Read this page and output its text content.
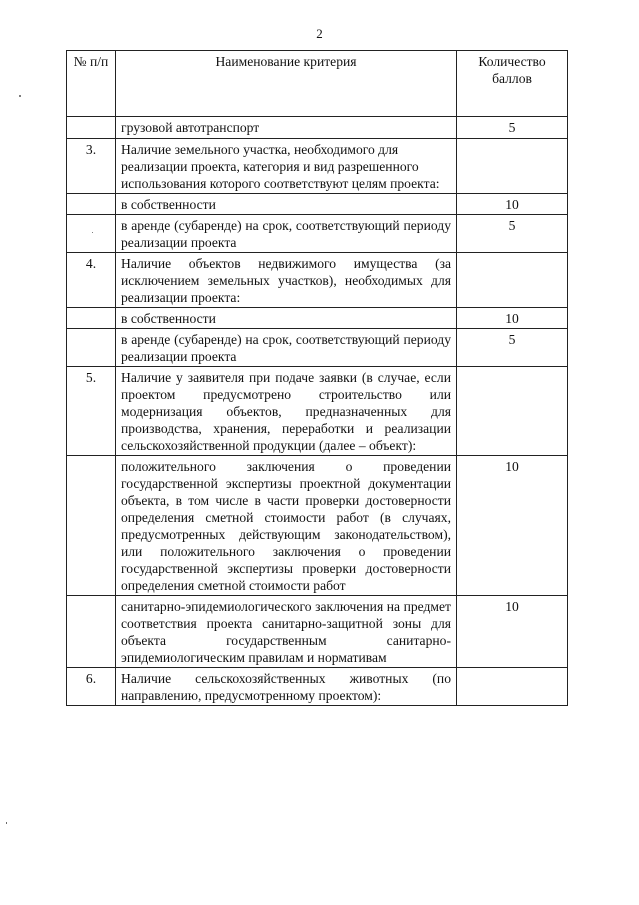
2
№ п/п	Наименование критерия	Количество баллов
	грузовой автотранспорт	5
3.	Наличие земельного участка, необходимого для реализации проекта, категория и вид разрешенного использования которого соответствуют целям проекта:	
	в собственности	10
	в аренде (субаренде) на срок, соответствующий периоду реализации проекта	5
4.	Наличие объектов недвижимого имущества (за исключением земельных участков), необходимых для реализации проекта:	
	в собственности	10
	в аренде (субаренде) на срок, соответствующий периоду реализации проекта	5
5.	Наличие у заявителя при подаче заявки (в случае, если проектом предусмотрено строительство или модернизация объектов, предназначенных для производства, хранения, переработки и реализации сельскохозяйственной продукции (далее – объект):	
	положительного заключения о проведении государственной экспертизы проектной документации объекта, в том числе в части проверки достоверности определения сметной стоимости работ (в случаях, предусмотренных действующим законодательством), или положительного заключения о проведении государственной экспертизы проверки достоверности определения сметной стоимости работ	10
	санитарно-эпидемиологического заключения на предмет соответствия проекта санитарно-защитной зоны для объекта государственным санитарно-эпидемиологическим правилам и нормативам	10
6.	Наличие сельскохозяйственных животных (по направлению, предусмотренному проектом):	
